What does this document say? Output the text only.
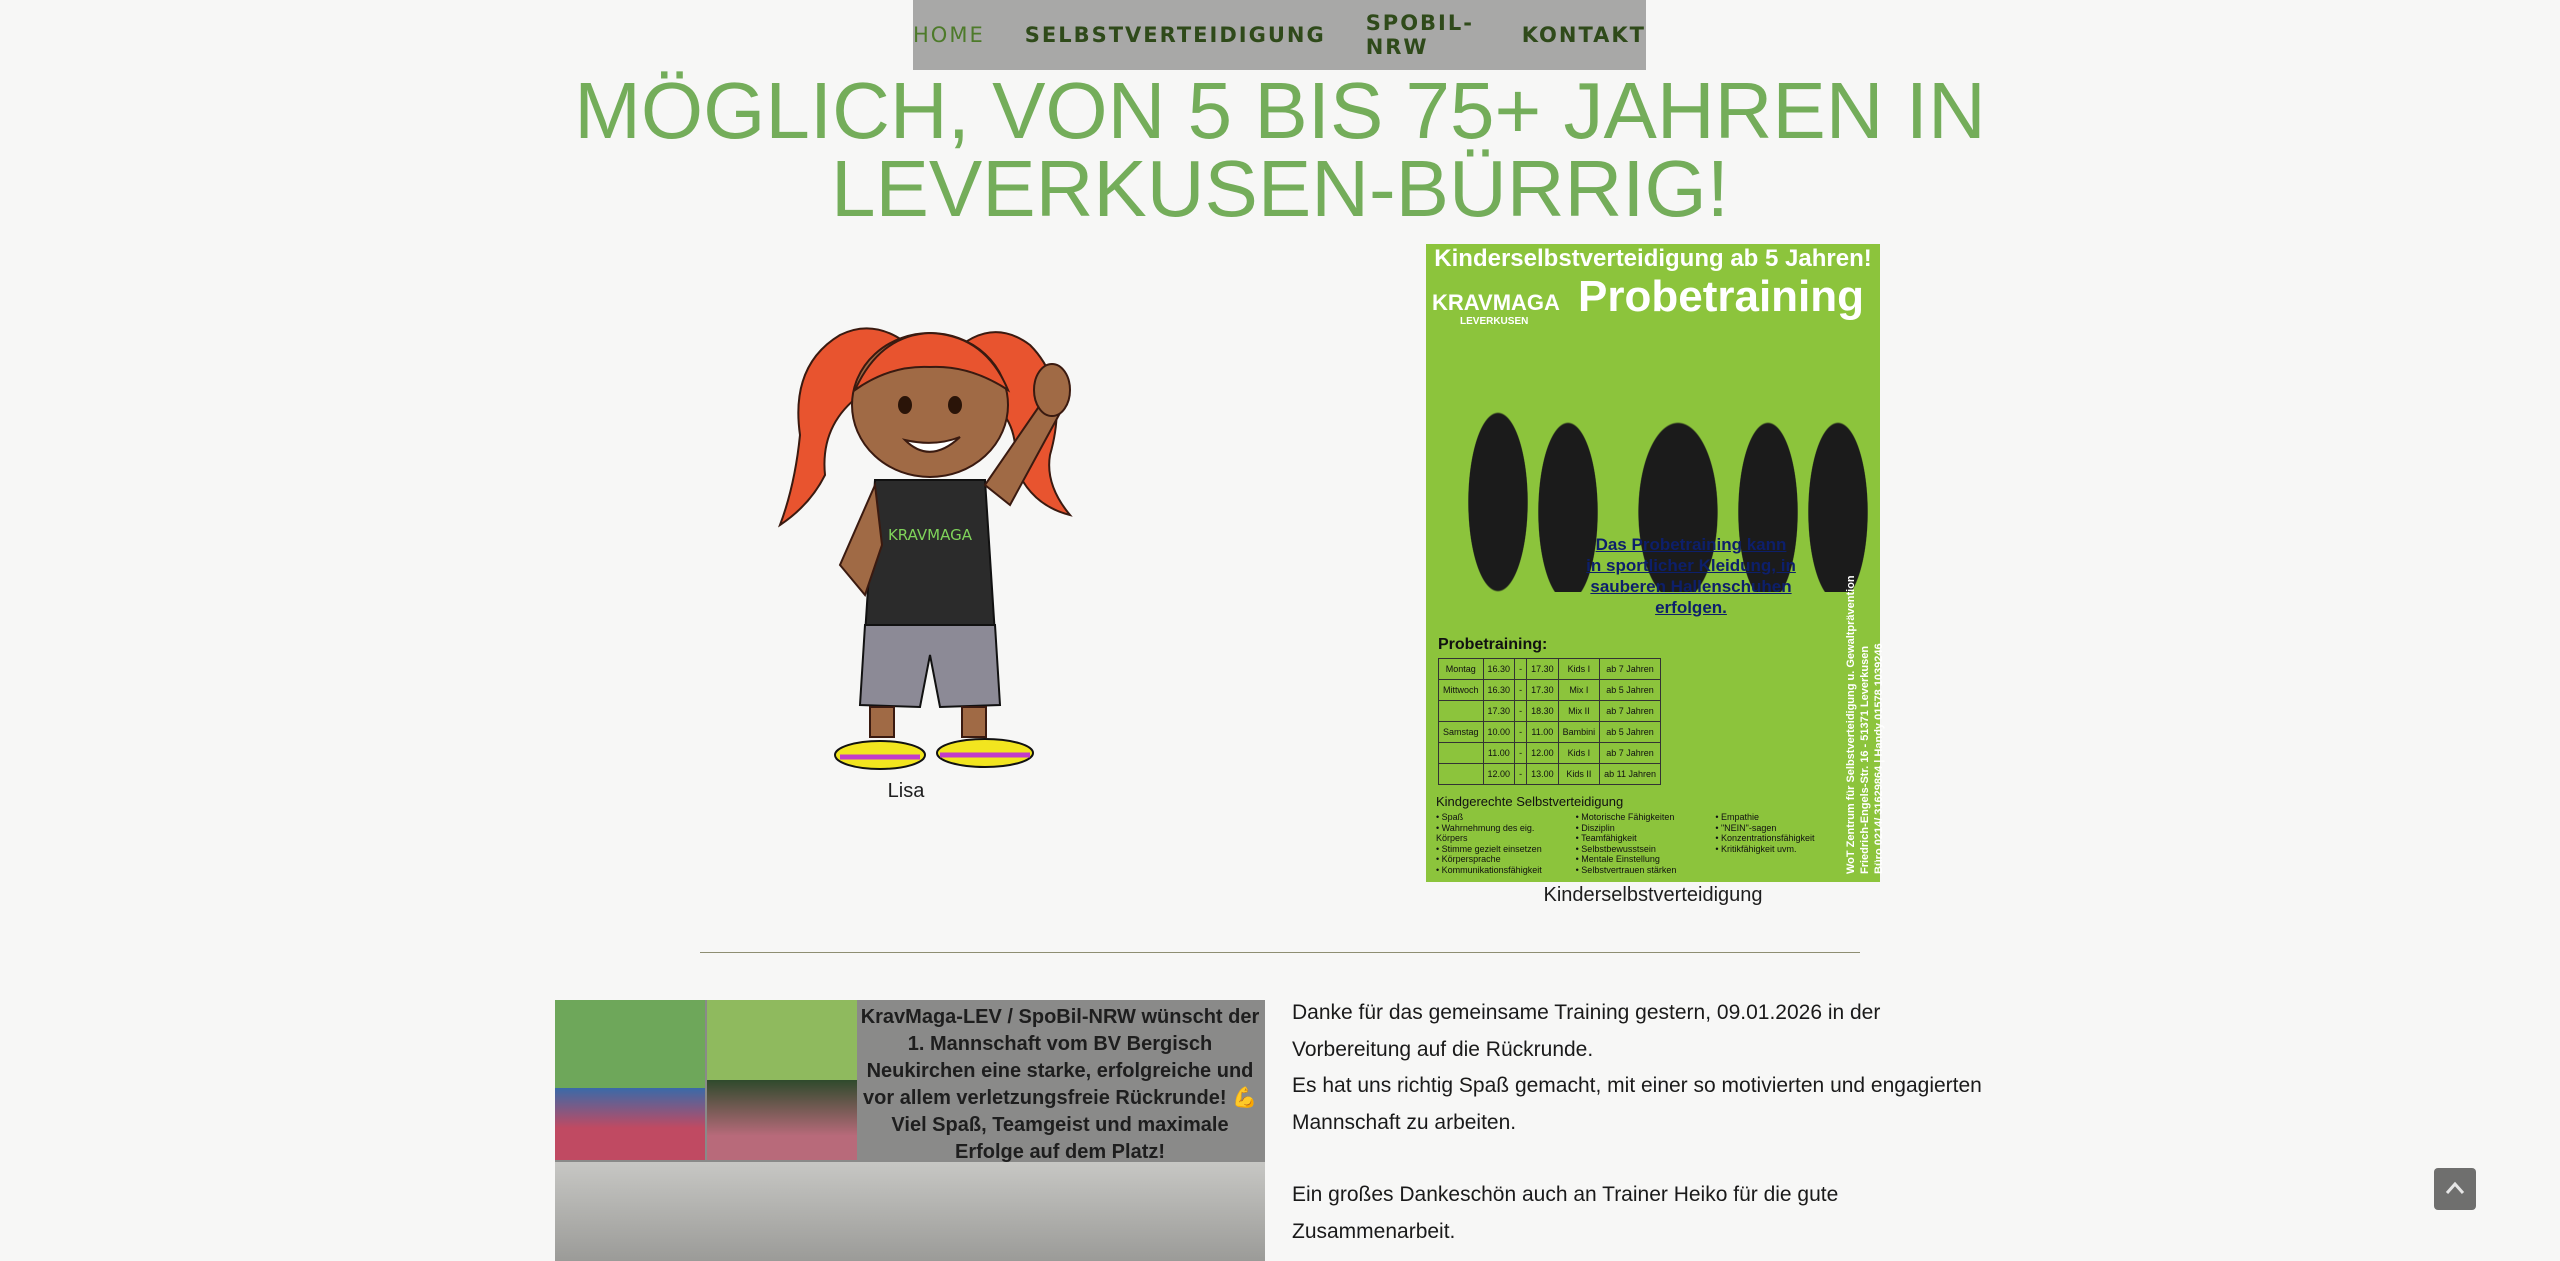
HOME SELBSTVERTEIDIGUNG SPOBIL-NRW	KONTAKT
MÖGLICH, VON 5 BIS 75+ JAHREN IN
LEVERKUSEN-BÜRRIG!
KRAVMAGA
Lisa
Kinderselbstverteidigung ab 5 Jahren!
Probetraining
KRAVMAGA
LEVERKUSEN
Das Probetraining kann in sportlicher Kleidung, in sauberen Hallenschuhen erfolgen.
Probetraining:
Montag	16.30	-	17.30	Kids I	ab 7 Jahren
Mittwoch	16.30	-	17.30	Mix I	ab 5 Jahren
	17.30	-	18.30	Mix II	ab 7 Jahren
Samstag	10.00	-	11.00	Bambini	ab 5 Jahren
	11.00	-	12.00	Kids I	ab 7 Jahren
	12.00	-	13.00	Kids II	ab 11 Jahren
Kindgerechte Selbstverteidigung
• Spaß
• Wahrnehmung des eig. Körpers
• Stimme gezielt einsetzen
• Körpersprache
• Kommunikationsfähigkeit
• Motorische Fähigkeiten
• Disziplin
• Teamfähigkeit
• Selbstbewusstsein
• Mentale Einstellung
• Selbstvertrauen stärken
• Empathie
• "NEIN"-sagen
• Konzentrationsfähigkeit
• Kritikfähigkeit uvm.	WoT Zentrum für Selbstverteidigung u. Gewaltprävention Friedrich-Engels-Str. 16 - 51371 Leverkusen Büro 0214/ 31629864 | Handy 01578 1039246
Kinderselbstverteidigung
KravMaga-LEV / SpoBil-NRW wünscht der 1. Mannschaft vom BV Bergisch Neukirchen eine starke, erfolgreiche und vor allem verletzungsfreie Rückrunde! 💪 Viel Spaß, Teamgeist und maximale Erfolge auf dem Platz!

Danke für das gemeinsame Training gestern, 09.01.2026 in der Vorbereitung auf die Rückrunde.

Es hat uns richtig Spaß gemacht, mit einer so motivierten und engagierten Mannschaft zu arbeiten.

Ein großes Dankeschön auch an Trainer Heiko für die gute Zusammenarbeit.
